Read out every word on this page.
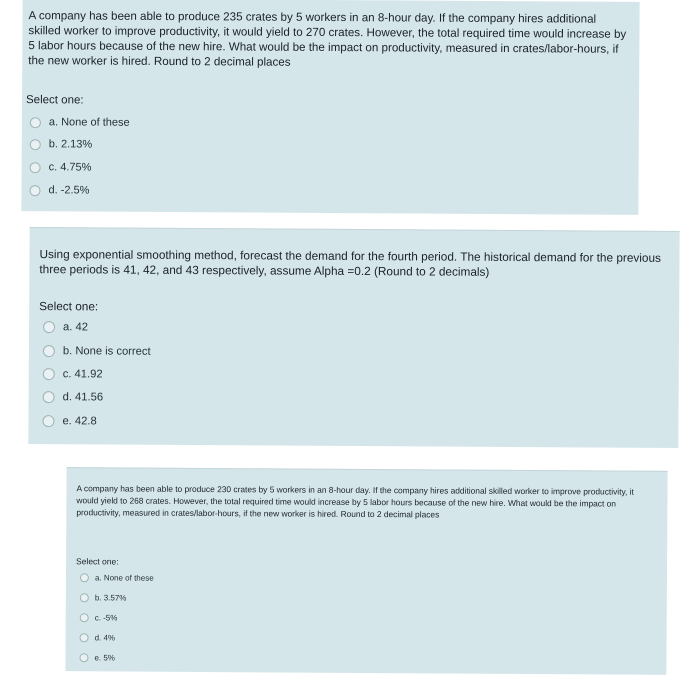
A company has been able to produce 235 crates by 5 workers in an 8-hour day. If the company hires additional skilled worker to improve productivity, it would yield to 270 crates. However, the total required time would increase by 5 labor hours because of the new hire. What would be the impact on productivity, measured in crates/labor-hours, if the new worker is hired. Round to 2 decimal places
Select one:
a. None of these
b. 2.13%
c. 4.75%
d. -2.5%
Using exponential smoothing method, forecast the demand for the fourth period. The historical demand for the previous three periods is 41, 42, and 43 respectively, assume Alpha =0.2 (Round to 2 decimals)
Select one:
a. 42
b. None is correct
c. 41.92
d. 41.56
e. 42.8
A company has been able to produce 230 crates by 5 workers in an 8-hour day. If the company hires additional skilled worker to improve productivity, it would yield to 268 crates. However, the total required time would increase by 5 labor hours because of the new hire. What would be the impact on productivity, measured in crates/labor-hours, if the new worker is hired. Round to 2 decimal places
Select one:
a. None of these
b. 3.57%
c. -5%
d. 4%
e. 5%
